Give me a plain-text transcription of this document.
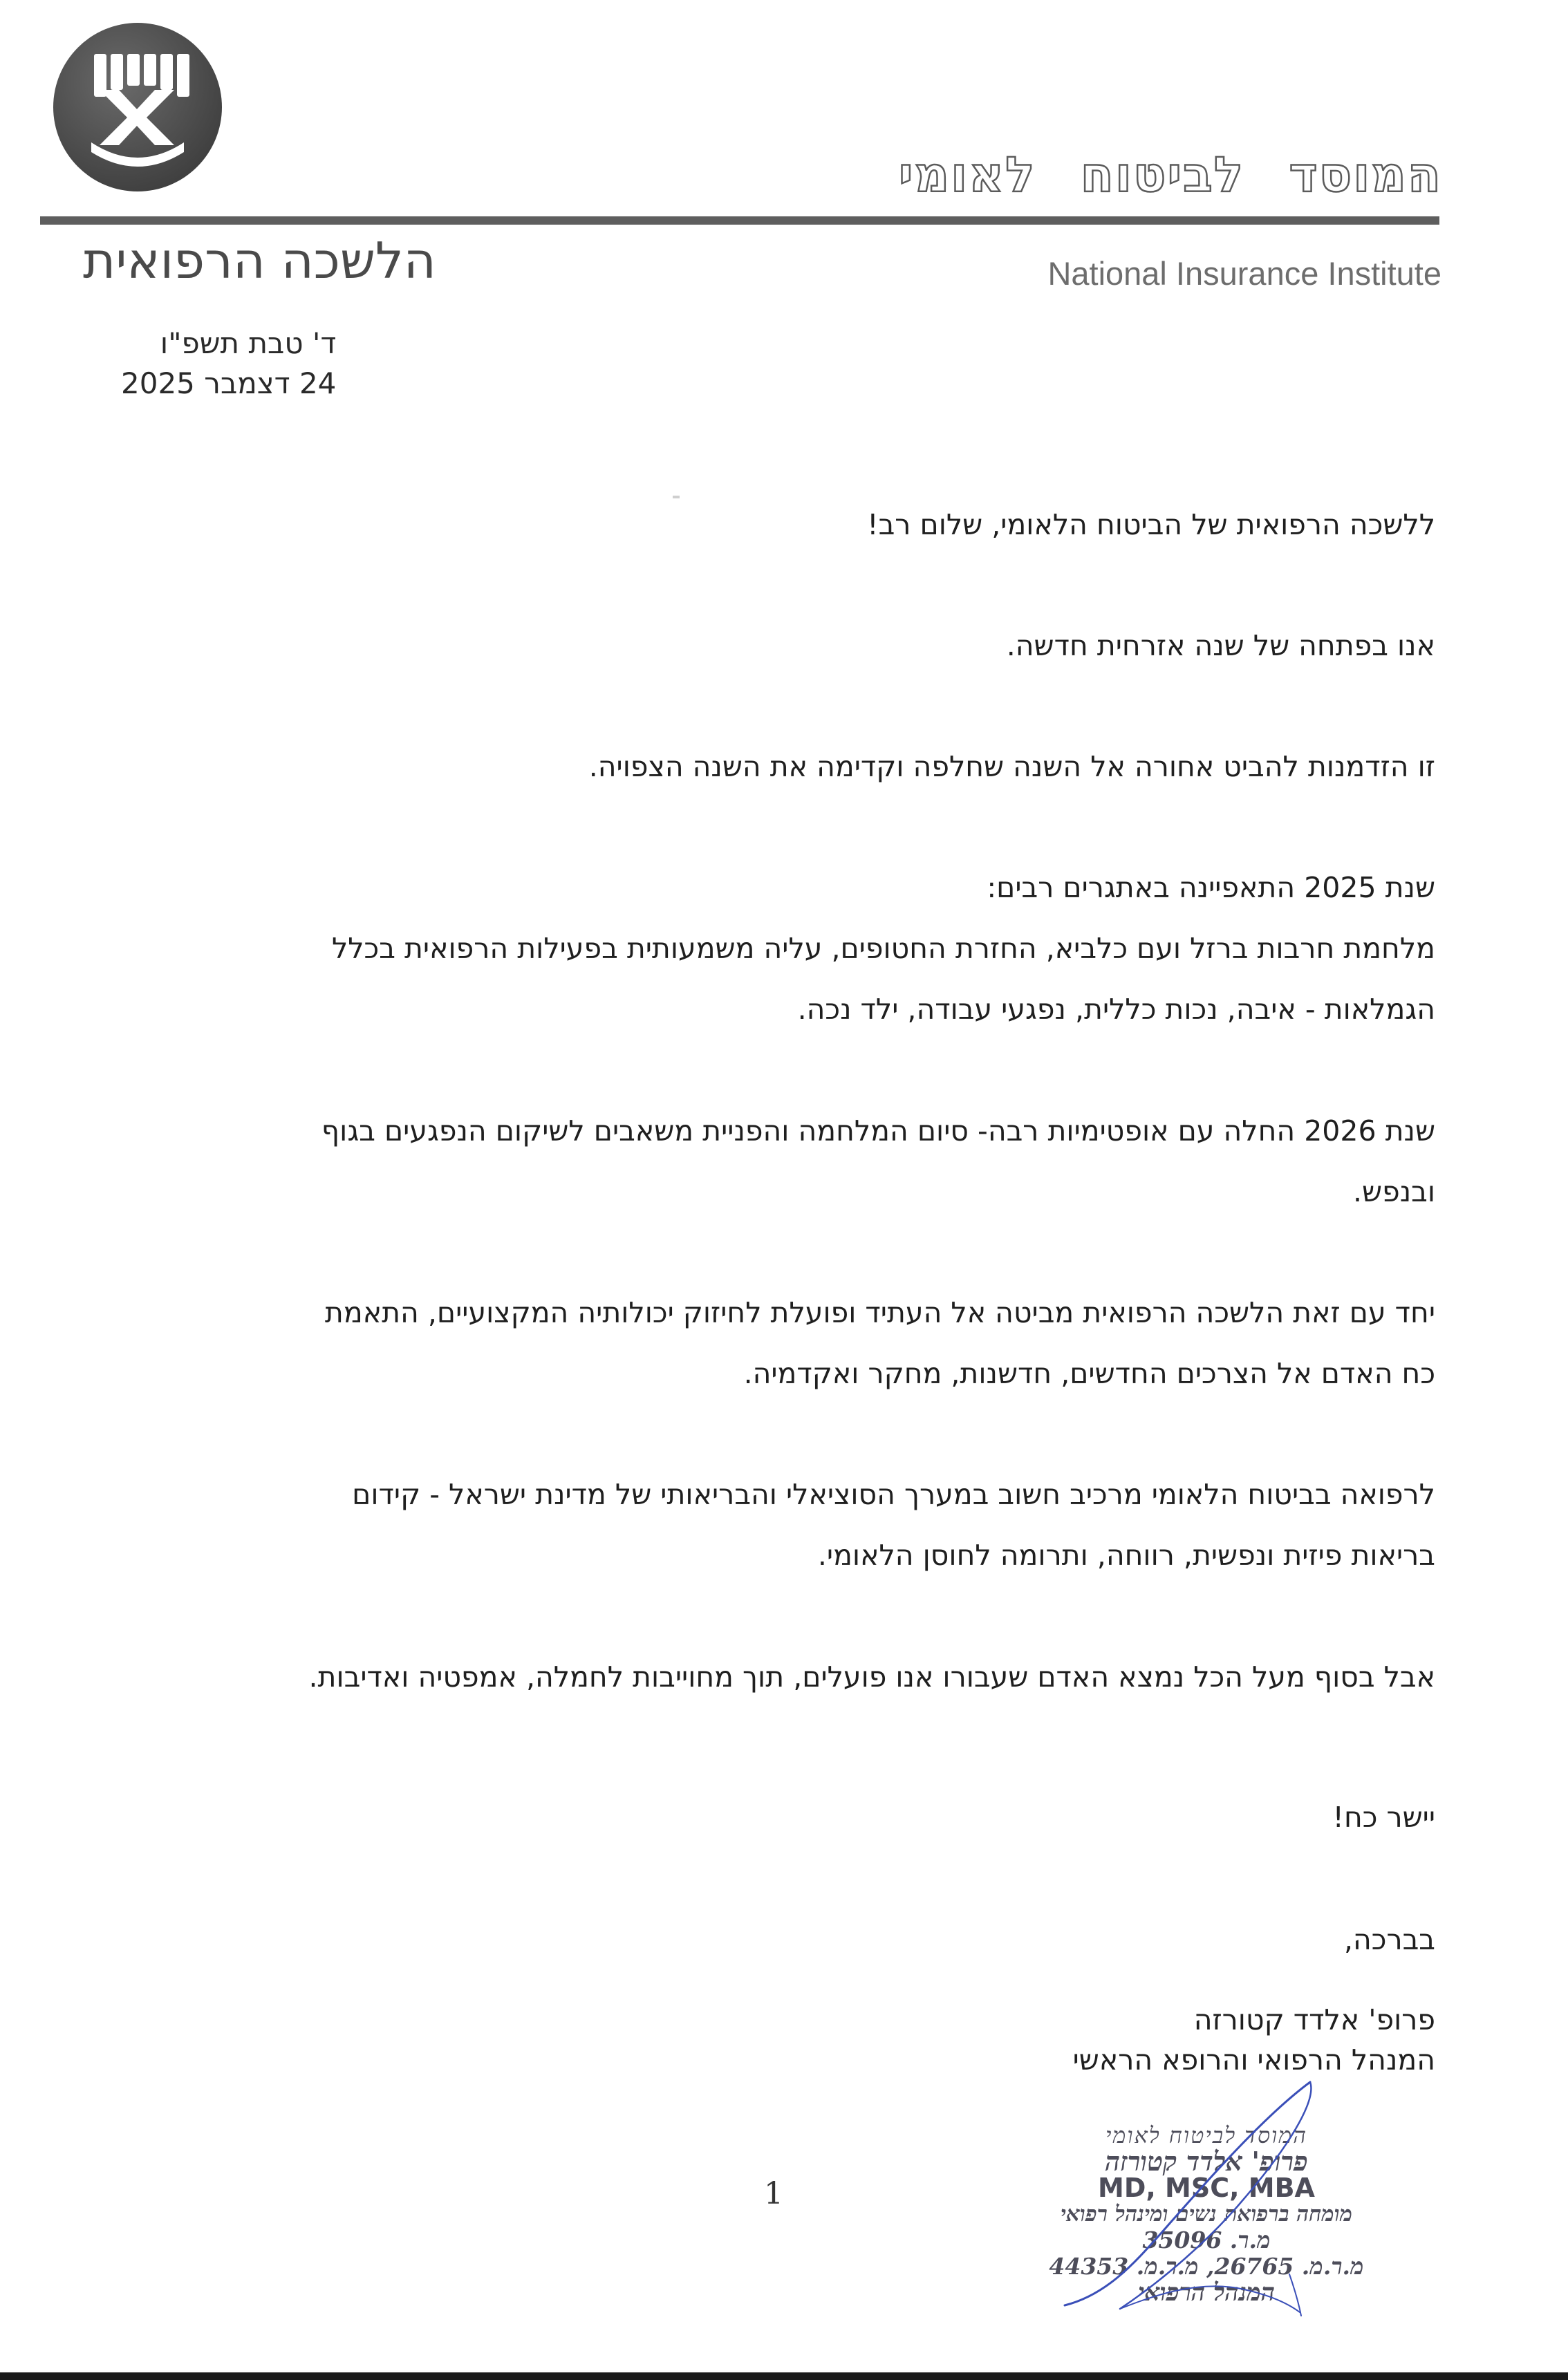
המוסד לביטוח לאומי
National Insurance Institute
הלשכה הרפואית
ד' טבת תשפ"ו
24 דצמבר 2025
ללשכה הרפואית של הביטוח הלאומי, שלום רב!
אנו בפתחה של שנה אזרחית חדשה.
זו הזדמנות להביט אחורה אל השנה שחלפה וקדימה את השנה הצפויה.
שנת 2025 התאפיינה באתגרים רבים:
מלחמת חרבות ברזל ועם כלביא, החזרת החטופים, עליה משמעותית בפעילות הרפואית בכלל
הגמלאות - איבה, נכות כללית, נפגעי עבודה, ילד נכה.
שנת 2026 החלה עם אופטימיות רבה- סיום המלחמה והפניית משאבים לשיקום הנפגעים בגוף
ובנפש.
יחד עם זאת הלשכה הרפואית מביטה אל העתיד ופועלת לחיזוק יכולותיה המקצועיים, התאמת
כח האדם אל הצרכים החדשים, חדשנות, מחקר ואקדמיה.
לרפואה בביטוח הלאומי מרכיב חשוב במערך הסוציאלי והבריאותי של מדינת ישראל - קידום
בריאות פיזית ונפשית, רווחה, ותרומה לחוסן הלאומי.
אבל בסוף מעל הכל נמצא האדם שעבורו אנו פועלים, תוך מחוייבות לחמלה, אמפטיה ואדיבות.
יישר כח!
בברכה,
פרופ' אלדד קטורזה
המנהל הרפואי והרופא הראשי
המוסד לביטוח לאומי
פרופ' אלדד קטורזה
MD, MSC, MBA
מומחה ברפואת נשים ומינהל רפואי
מ.ר. 35096
מ.ר.מ. 26765, מ.ר.מ. 44353
המנהל הרפואי
1
